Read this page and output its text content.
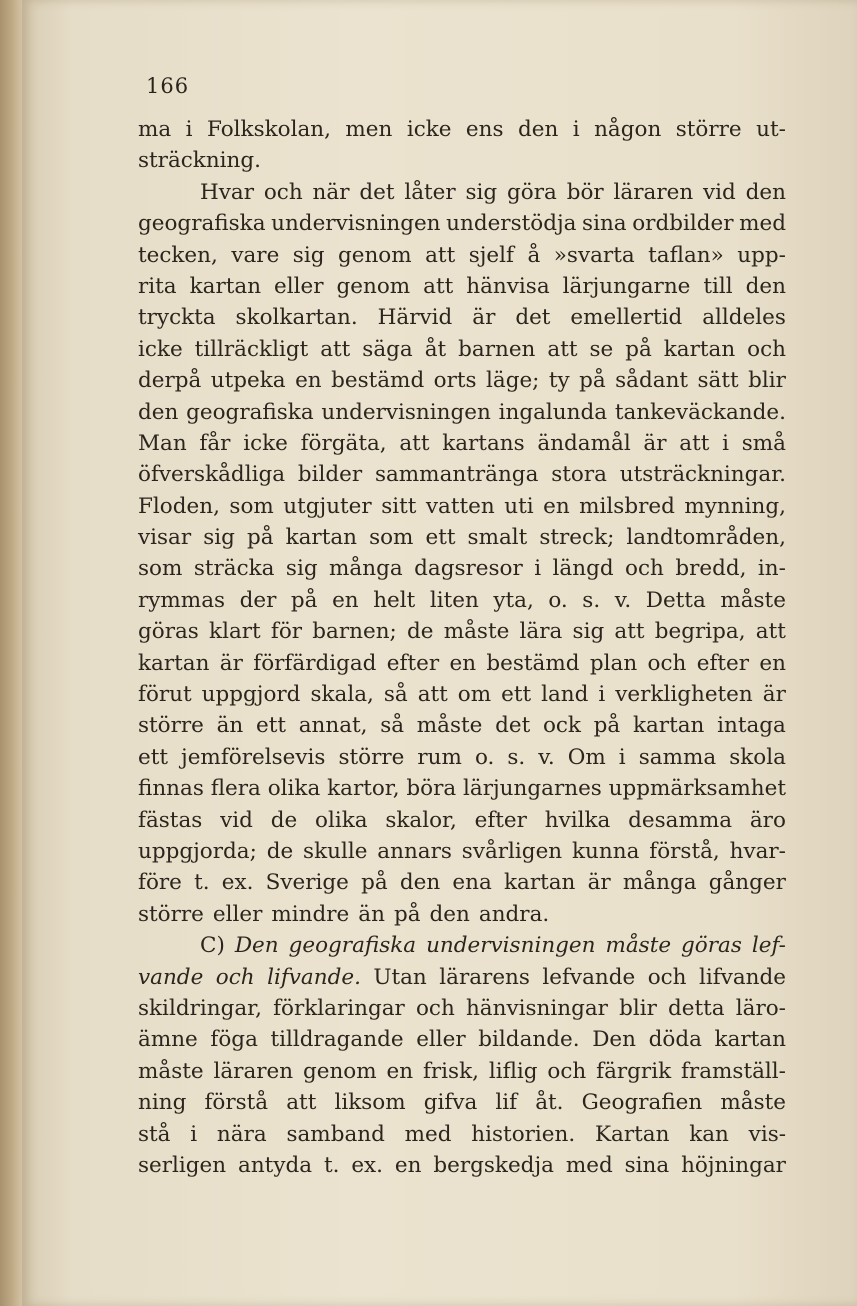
166
ma i Folkskolan, men icke ens den i någon större ut-
sträckning.
Hvar och när det låter sig göra bör läraren vid den
geografiska undervisningen understödja sina ordbilder med
tecken, vare sig genom att sjelf å »svarta taflan» upp-
rita kartan eller genom att hänvisa lärjungarne till den
tryckta skolkartan. Härvid är det emellertid alldeles
icke tillräckligt att säga åt barnen att se på kartan och
derpå utpeka en bestämd orts läge; ty på sådant sätt blir
den geografiska undervisningen ingalunda tankeväckande.
Man får icke förgäta, att kartans ändamål är att i små
öfverskådliga bilder sammantränga stora utsträckningar.
Floden, som utgjuter sitt vatten uti en milsbred mynning,
visar sig på kartan som ett smalt streck; landtområden,
som sträcka sig många dagsresor i längd och bredd, in-
rymmas der på en helt liten yta, o. s. v. Detta måste
göras klart för barnen; de måste lära sig att begripa, att
kartan är förfärdigad efter en bestämd plan och efter en
förut uppgjord skala, så att om ett land i verkligheten är
större än ett annat, så måste det ock på kartan intaga
ett jemförelsevis större rum o. s. v. Om i samma skola
finnas flera olika kartor, böra lärjungarnes uppmärksamhet
fästas vid de olika skalor, efter hvilka desamma äro
uppgjorda; de skulle annars svårligen kunna förstå, hvar-
före t. ex. Sverige på den ena kartan är många gånger
större eller mindre än på den andra.
C) Den geografiska undervisningen måste göras lef-
vande och lifvande. Utan lärarens lefvande och lifvande
skildringar, förklaringar och hänvisningar blir detta läro-
ämne föga tilldragande eller bildande. Den döda kartan
måste läraren genom en frisk, liflig och färgrik framställ-
ning förstå att liksom gifva lif åt. Geografien måste
stå i nära samband med historien. Kartan kan vis-
serligen antyda t. ex. en bergskedja med sina höjningar
